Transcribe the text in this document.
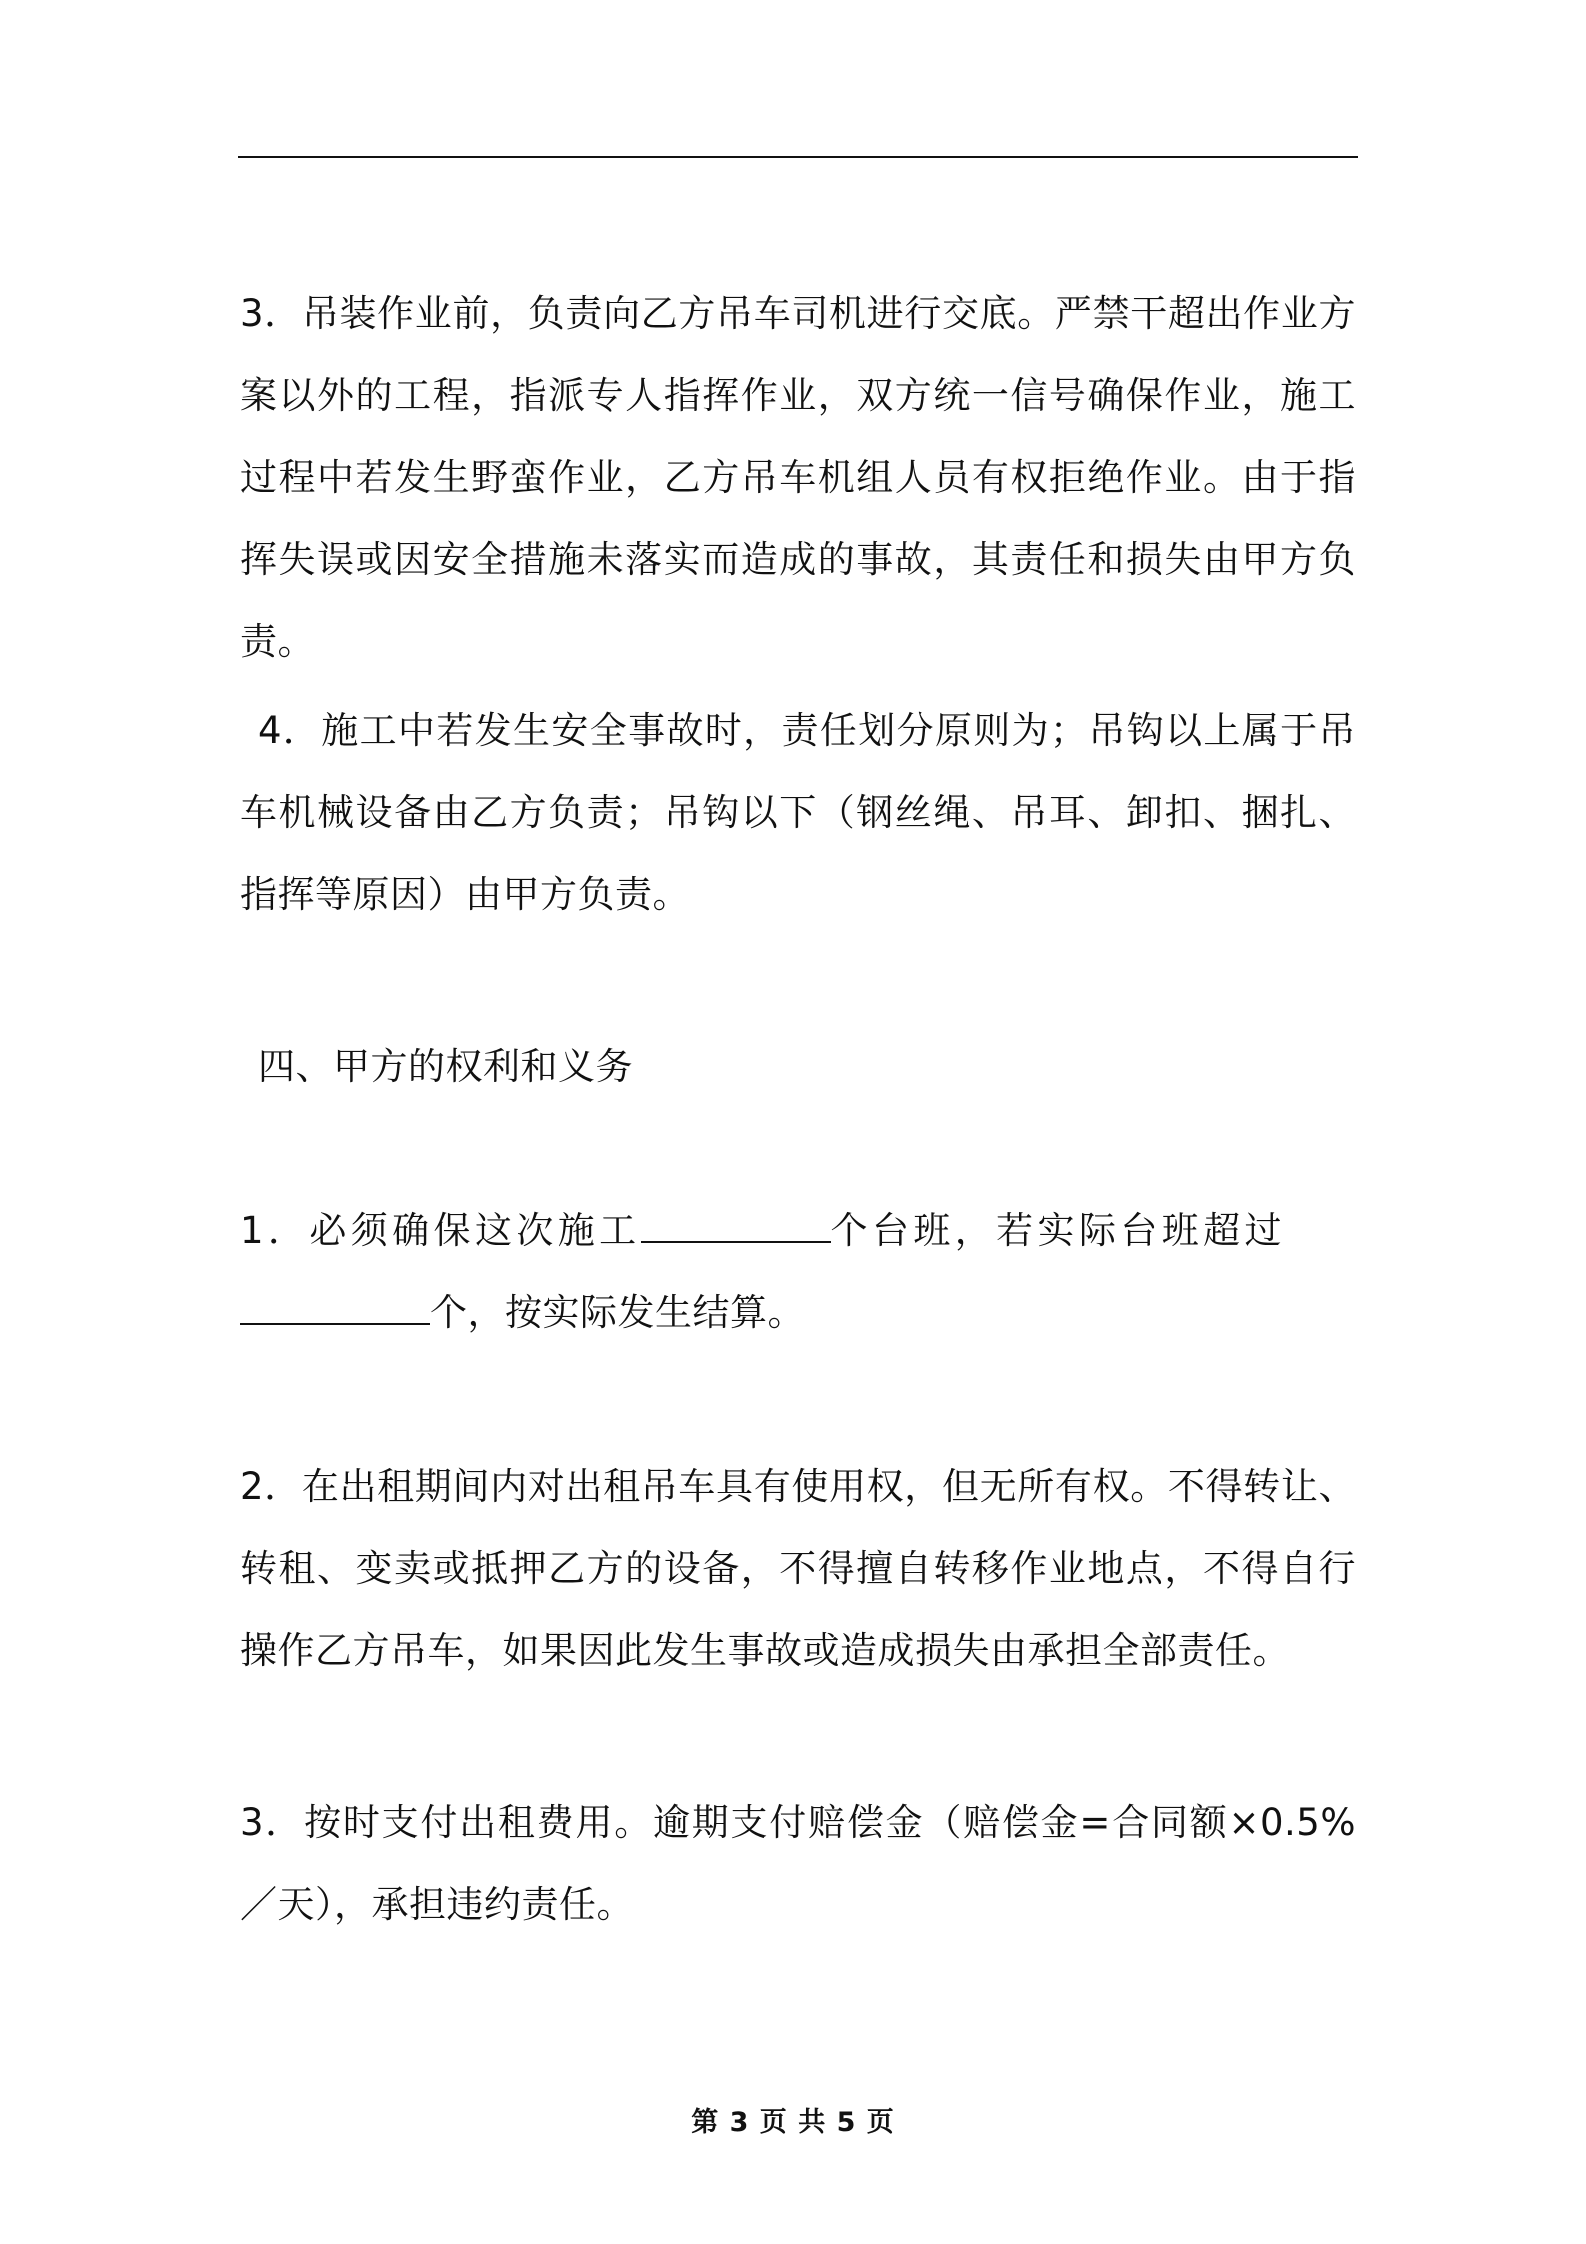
3．吊装作业前，负责向乙方吊车司机进行交底。严禁干超出作业方案以外的工程，指派专人指挥作业，双方统一信号确保作业，施工过程中若发生野蛮作业，乙方吊车机组人员有权拒绝作业。由于指挥失误或因安全措施未落实而造成的事故，其责任和损失由甲方负责。

4．施工中若发生安全事故时，责任划分原则为；吊钩以上属于吊车机械设备由乙方负责；吊钩以下（钢丝绳、吊耳、卸扣、捆扎、指挥等原因）由甲方负责。

四、甲方的权利和义务

1．必须确保这次施工	个台班，若实际台班超过
个，按实际发生结算。

2．在出租期间内对出租吊车具有使用权，但无所有权。不得转让、转租、变卖或抵押乙方的设备，不得擅自转移作业地点，不得自行操作乙方吊车，如果因此发生事故或造成损失由承担全部责任。

3．按时支付出租费用。逾期支付赔偿金（赔偿金=合同额×0.5%／天），承担违约责任。

第 3 页 共 5 页
